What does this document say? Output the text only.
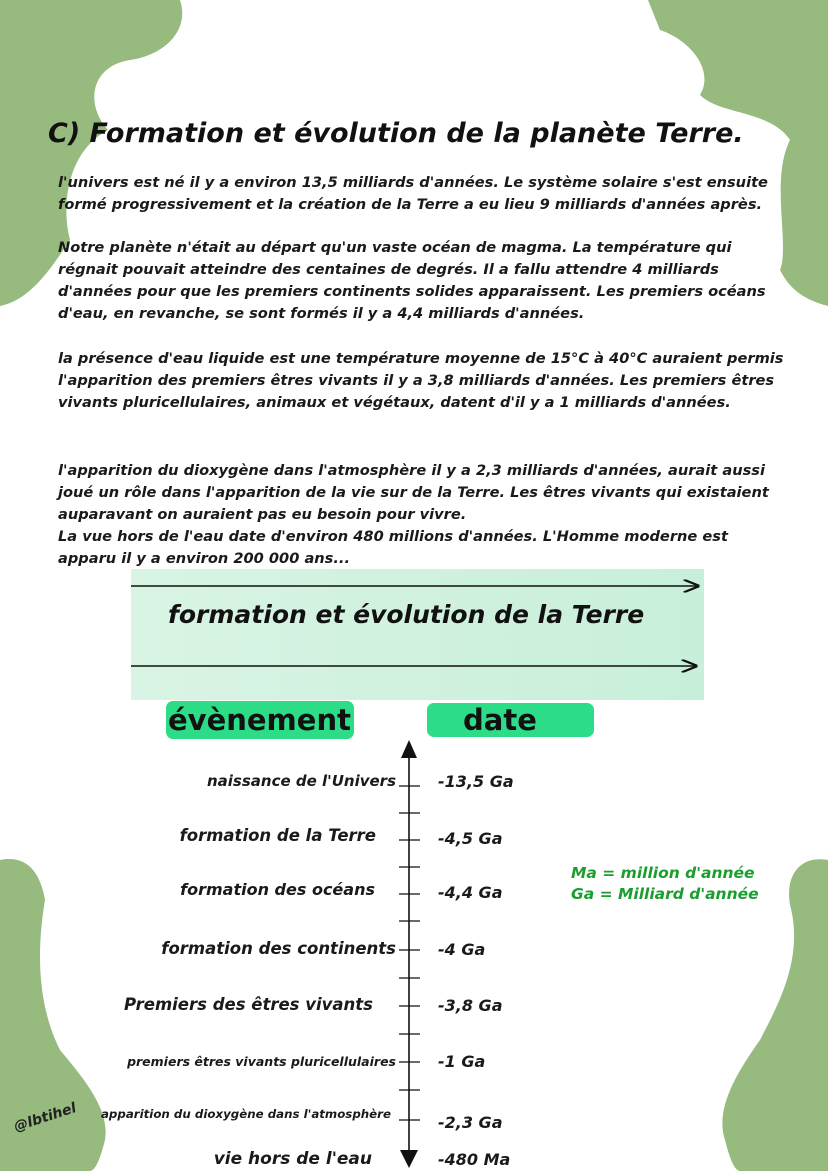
C) Formation et évolution de la planète Terre.

l'univers est né il y a environ 13,5 milliards d'années. Le système solaire s'est ensuite formé progressivement et la création de la Terre a eu lieu 9 milliards d'années après.

Notre planète n'était au départ qu'un vaste océan de magma. La température qui régnait pouvait atteindre des centaines de degrés. Il a fallu attendre 4 milliards d'années pour que les premiers continents solides apparaissent. Les premiers océans d'eau, en revanche, se sont formés il y a 4,4 milliards d'années.

la présence d'eau liquide est une température moyenne de 15°C à 40°C auraient permis l'apparition des premiers êtres vivants il y a 3,8 milliards d'années. Les premiers êtres vivants pluricellulaires, animaux et végétaux, datent d'il y a 1 milliards d'années.

l'apparition du dioxygène dans l'atmosphère il y a 2,3 milliards d'années, aurait aussi joué un rôle dans l'apparition de la vie sur de la Terre. Les êtres vivants qui existaient auparavant on auraient pas eu besoin pour vivre.
La vue hors de l'eau date d'environ 480 millions d'années. L'Homme moderne est apparu il y a environ 200 000 ans...

formation et évolution de la Terre
évènement	date
naissance de l'Univers
formation de la Terre
formation des océans
formation des continents
Premiers des êtres vivants
premiers êtres vivants pluricellulaires
apparition du dioxygène dans l'atmosphère
vie hors de l'eau
-13,5 Ga
-4,5 Ga
-4,4 Ga
-4 Ga
-3,8 Ga
-1 Ga
-2,3 Ga
-480 Ma
Ma = million d'année
Ga = Milliard d'année
@lbtihel
